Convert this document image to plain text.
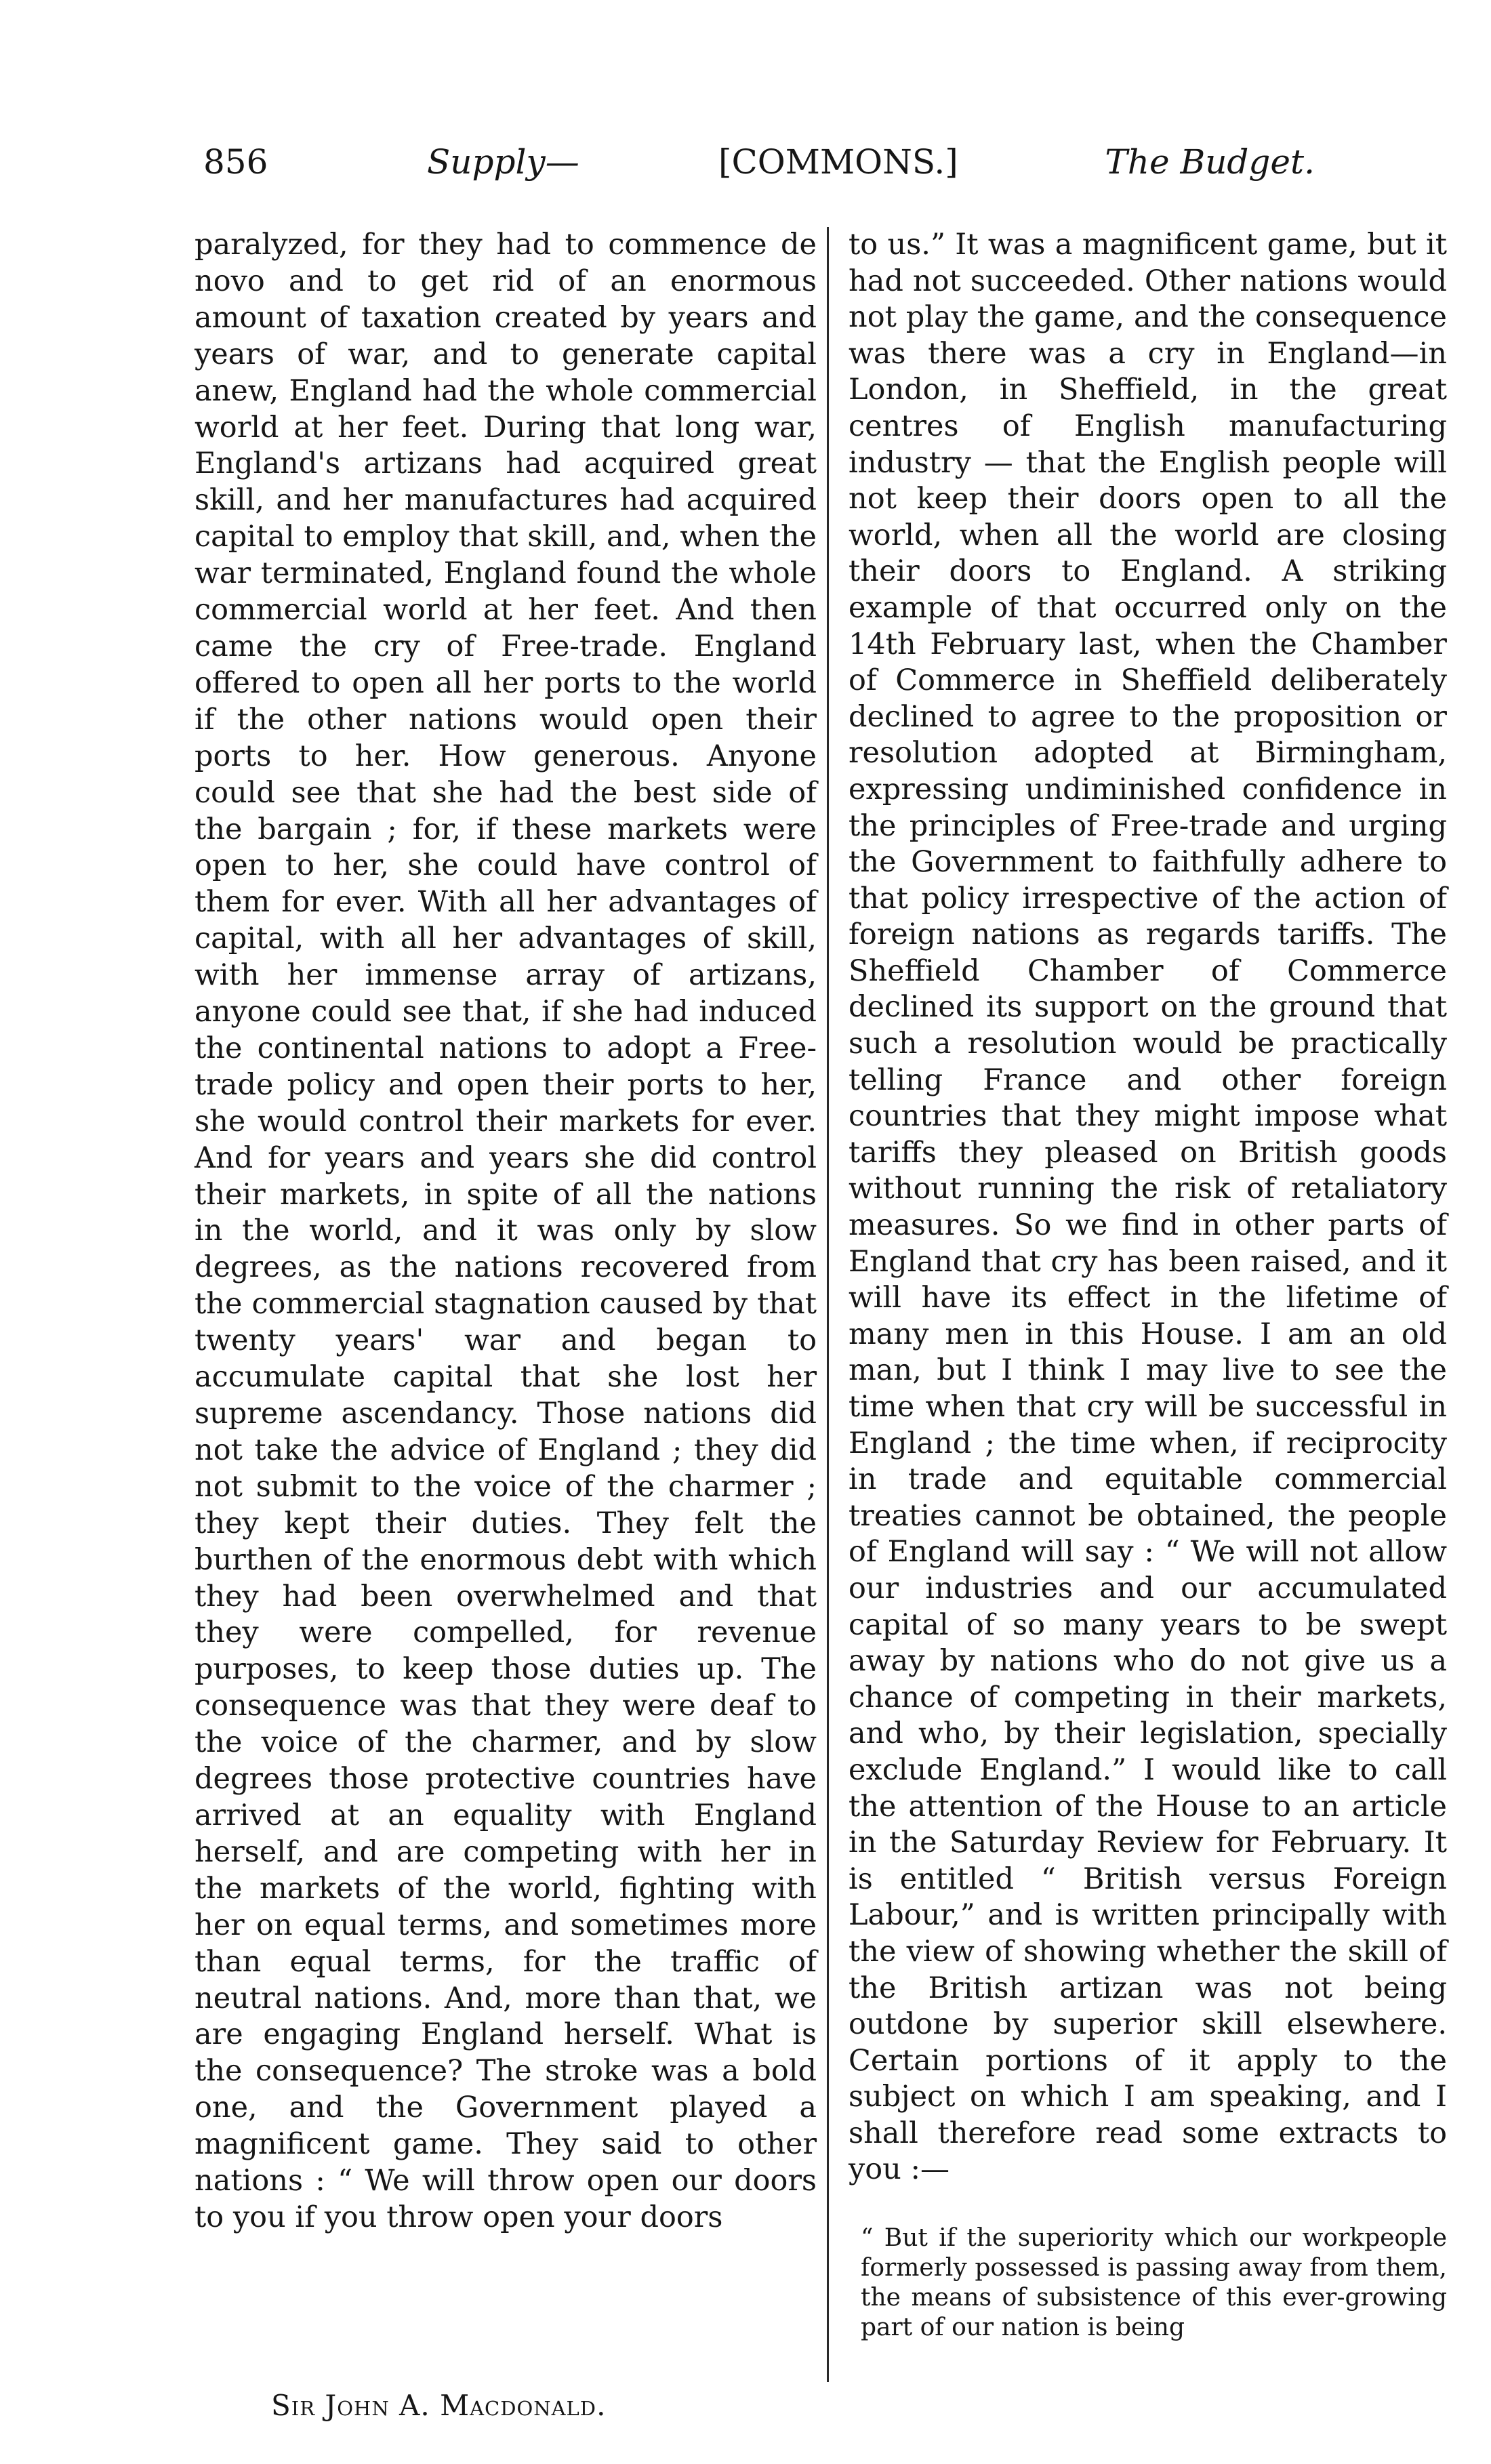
856	Supply—	[COMMONS.]	The Budget.

paralyzed, for they had to commence de novo and to get rid of an enormous amount of taxation created by years and years of war, and to generate capital anew, England had the whole commercial world at her feet. During that long war, England's artizans had acquired great skill, and her manufactures had acquired capital to employ that skill, and, when the war terminated, England found the whole commercial world at her feet. And then came the cry of Free-trade. England offered to open all her ports to the world if the other nations would open their ports to her. How generous. Anyone could see that she had the best side of the bargain ; for, if these markets were open to her, she could have control of them for ever. With all her advantages of capital, with all her advantages of skill, with her immense array of artizans, anyone could see that, if she had induced the continental nations to adopt a Free-trade policy and open their ports to her, she would control their markets for ever. And for years and years she did control their markets, in spite of all the nations in the world, and it was only by slow degrees, as the nations recovered from the commercial stagnation caused by that twenty years' war and began to accumulate capital that she lost her supreme ascendancy. Those nations did not take the advice of England ; they did not submit to the voice of the charmer ; they kept their duties. They felt the burthen of the enormous debt with which they had been overwhelmed and that they were compelled, for revenue purposes, to keep those duties up. The consequence was that they were deaf to the voice of the charmer, and by slow degrees those protective countries have arrived at an equality with England herself, and are competing with her in the markets of the world, fighting with her on equal terms, and sometimes more than equal terms, for the traffic of neutral nations. And, more than that, we are engaging England herself. What is the consequence? The stroke was a bold one, and the Government played a magnificent game. They said to other nations : “ We will throw open our doors to you if you throw open your doors

to us.” It was a magnificent game, but it had not succeeded. Other nations would not play the game, and the consequence was there was a cry in England—in London, in Sheffield, in the great centres of English manufacturing industry — that the English people will not keep their doors open to all the world, when all the world are closing their doors to England. A striking example of that occurred only on the 14th February last, when the Chamber of Commerce in Sheffield deliberately declined to agree to the proposition or resolution adopted at Birmingham, expressing undiminished confidence in the principles of Free-trade and urging the Government to faithfully adhere to that policy irrespective of the action of foreign nations as regards tariffs. The Sheffield Chamber of Commerce declined its support on the ground that such a resolution would be practically telling France and other foreign countries that they might impose what tariffs they pleased on British goods without running the risk of retaliatory measures. So we find in other parts of England that cry has been raised, and it will have its effect in the lifetime of many men in this House. I am an old man, but I think I may live to see the time when that cry will be successful in England ; the time when, if reciprocity in trade and equitable commercial treaties cannot be obtained, the people of England will say : “ We will not allow our industries and our accumulated capital of so many years to be swept away by nations who do not give us a chance of competing in their markets, and who, by their legislation, specially exclude England.” I would like to call the attention of the House to an article in the Saturday Review for February. It is entitled “ British versus Foreign Labour,” and is written principally with the view of showing whether the skill of the British artizan was not being outdone by superior skill elsewhere. Certain portions of it apply to the subject on which I am speaking, and I shall therefore read some extracts to you :—

“ But if the superiority which our workpeople formerly possessed is passing away from them, the means of subsistence of this ever-growing part of our nation is being

Sir John A. Macdonald.
